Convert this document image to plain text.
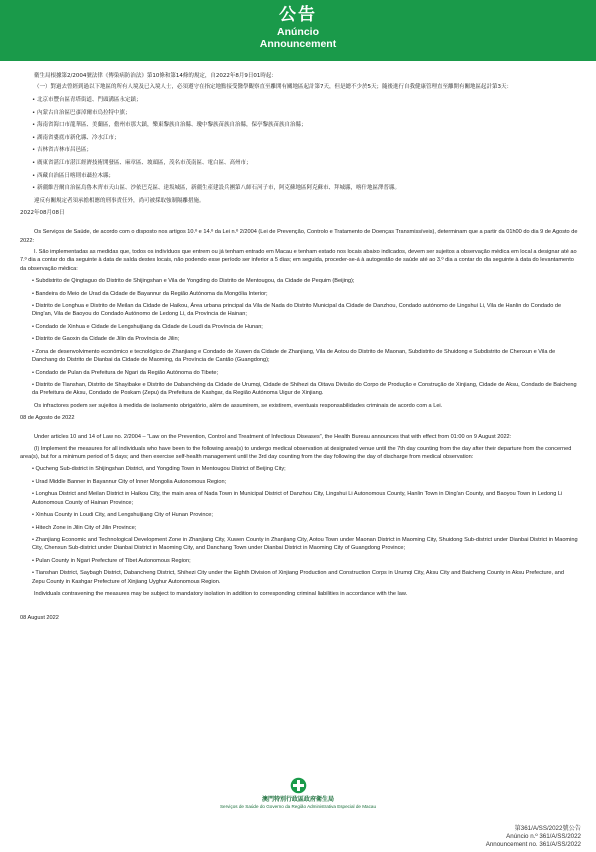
公告
Anúncio
Announcement

衛生局根據第2/2004號法律《傳染病防治法》第10條和第14條的規定，自2022年8月9日01時起：

（一）對過去曾經到過以下地區的所有人境及已入境人士，必須遵守在指定地點接受醫學觀察直至離開有關地區起計第7天，但是總不少於5天；隨後進行自我健康管理直至離開有關地區起計第3天：

• 北京市豐台區青塔街道、門頭溝區永定鎮；

• 內蒙古自治區巴彥淖爾市烏拉特中旗；

• 海南省海口市龍華區、美蘭區，儋州市那大鎮，樂東黎族自治縣、瓊中黎族苗族自治縣，保亭黎族苗族自治縣；

• 湖南省婁底市新化縣、冷水江市；

• 吉林省吉林市昌邑區；

• 廣東省湛江市湛江經濟技術開發區、麻章區、坡頭區，茂名市茂南區、電白區、高州市；

• 西藏自治區日喀則市聶拉木縣；

• 新疆維吾爾自治區烏魯木齊市天山區、沙依巴克區、達坂城區，新疆生產建設兵團第八師石河子市，阿克蘇地區阿克蘇市、拜城縣，喀什地區澤普縣。

違反有關規定者須承擔相應的刑事責任外，尚可被採取強制隔離措施。

2022年08月08日

Os Serviços de Saúde, de acordo com o disposto nos artigos 10.º e 14.º da Lei n.º 2/2004 (Lei de Prevenção, Controlo e Tratamento de Doenças Transmissíveis), determinam que a partir da 01h00 do dia 9 de Agosto de 2022:

I. São implementadas as medidas que, todos os indivíduos que entrem ou já tenham entrado em Macau e tenham estado nos locais abaixo indicados, devem ser sujeitos a observação médica em local a designar até ao 7.º dia a contar do dia seguinte à data de saída destes locais, não podendo esse período ser inferior a 5 dias; em seguida, proceder-se-á à autogestão de saúde até ao 3.º dia a contar do dia seguinte à data do levantamento da observação médica:

• Subdistrito de Qingtaguo do Distrito de Shijingshan e Vila de Yongding do Distrito de Mentougou, da Cidade de Pequim (Beijing);

• Bandeira do Meio de Urad da Cidade de Bayannur da Região Autónoma da Mongólia Interior;

• Distrito de Longhua e Distrito de Meilan da Cidade de Haikou, Área urbana principal da Vila de Nada do Distrito Municipal da Cidade de Danzhou, Condado autónomo de Lingshui Li, Vila de Hanlin do Condado de Ding'an, Vila de Baoyou do Condado Autónomo de Ledong Li, da Província de Hainan;

• Condado de Xinhua e Cidade de Lengshuijiang da Cidade de Loudi da Província de Hunan;

• Distrito de Gaoxin da Cidade de Jilin da Província de Jilin;

• Zona de desenvolvimento económico e tecnológico de Zhanjiang e Condado de Xuwen da Cidade de Zhanjiang, Vila de Aotou do Distrito de Maonan, Subdistrito de Shuidong e Subdistrito de Chenxun e Vila de Danchang do Distrito de Dianbai da Cidade de Maoming, da Província de Cantão (Guangdong);

• Condado de Pulan da Prefeitura de Ngari da Região Autónoma do Tibete;

• Distrito de Tianshan, Distrito de Shayibake e Distrito de Dabanchéng da Cidade de Urumqi, Cidade de Shihezi da Oitava Divisão do Corpo de Produção e Construção de Xinjiang, Cidade de Aksu, Condado de Baicheng da Prefeitura de Aksu, Condado de Poskam (Zepu) da Prefeitura de Kashgar, da Região Autónoma Uigur de Xinjiang.

Os infractores podem ser sujeitos à medida de isolamento obrigatório, além de assumirem, se existirem, eventuais responsabilidades criminais de acordo com a Lei.

08 de Agosto de 2022

Under articles 10 and 14 of Law no. 2/2004 – “Law on the Prevention, Control and Treatment of Infectious Diseases”, the Health Bureau announces that with effect from 01:00 on 9 August 2022:

(I) Implement the measures for all individuals who have been to the following area(s) to undergo medical observation at designated venue until the 7th day counting from the day after their departure from the concerned area(s), but for a minimum period of 5 days; and then exercise self-health management until the 3rd day counting from the day following the day of discharge from medical observation:

• Qucheng Sub-district in Shijingshan District, and Yongding Town in Mentougou District of Beijing City;

• Urad Middle Banner in Bayannur City of Inner Mongolia Autonomous Region;

• Longhua District and Meilan District in Haikou City, the main area of Nada Town in Municipal District of Danzhou City, Lingshui Li Autonomous County, Hanlin Town in Ding'an County, and Baoyou Town in Ledong Li Autonomous County of Hainan Province;

• Xinhua County in Loudi City, and Lengshuijiang City of Hunan Province;

• Hitech Zone in Jilin City of Jilin Province;

• Zhanjiang Economic and Technological Development Zone in Zhanjiang City, Xuwen County in Zhanjiang City, Aotou Town under Maonan District in Maoming City, Shuidong Sub-district under Dianbai District in Maoming City, Chenxun Sub-district under Dianbai District in Maoming City, and Danchang Town under Dianbai District in Maoming City of Guangdong Province;

• Pulan County in Ngari Prefecture of Tibet Autonomous Region;

• Tianshan District, Saybagh District, Dabancheng District, Shihezi City under the Eighth Division of Xinjiang Production and Construction Corps in Urumqi City, Aksu City and Baicheng County in Aksu Prefecture, and Zepu County in Kashgar Prefecture of Xinjiang Uyghur Autonomous Region.

Individuals contravening the measures may be subject to mandatory isolation in addition to corresponding criminal liabilities in accordance with the law.

08 August 2022

澳門特別行政區政府衛生局
Serviços de Saúde do Governo da Região Administrativa Especial de Macau
第361/A/SS/2022號公告
Anúncio n.º 361/A/SS/2022
Announcement no. 361/A/SS/2022
